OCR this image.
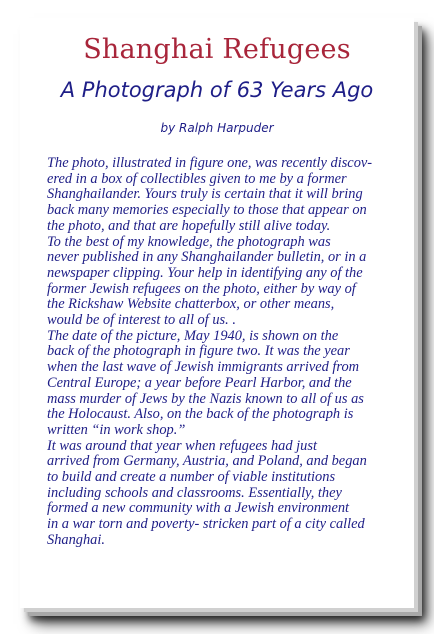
Shanghai Refugees
A Photograph of 63 Years Ago
by Ralph Harpuder
The photo, illustrated in figure one, was recently discov-
ered in a box of collectibles given to me by a former
Shanghailander. Yours truly is certain that it will bring
back many memories especially to those that appear on
the photo, and that are hopefully still alive today.
To the best of my knowledge, the photograph was
never published in any Shanghailander bulletin, or in a
newspaper clipping. Your help in identifying any of the
former Jewish refugees on the photo, either by way of
the Rickshaw Website chatterbox, or other means,
would be of interest to all of us. .
The date of the picture, May 1940, is shown on the
back of the photograph in figure two. It was the year
when the last wave of Jewish immigrants arrived from
Central Europe; a year before Pearl Harbor, and the
mass murder of Jews by the Nazis known to all of us as
the Holocaust. Also, on the back of the photograph is
written “in work shop.”
It was around that year when refugees had just
arrived from Germany, Austria, and Poland, and began
to build and create a number of viable institutions
including schools and classrooms. Essentially, they
formed a new community with a Jewish environment
in a war torn and poverty- stricken part of a city called
Shanghai.
